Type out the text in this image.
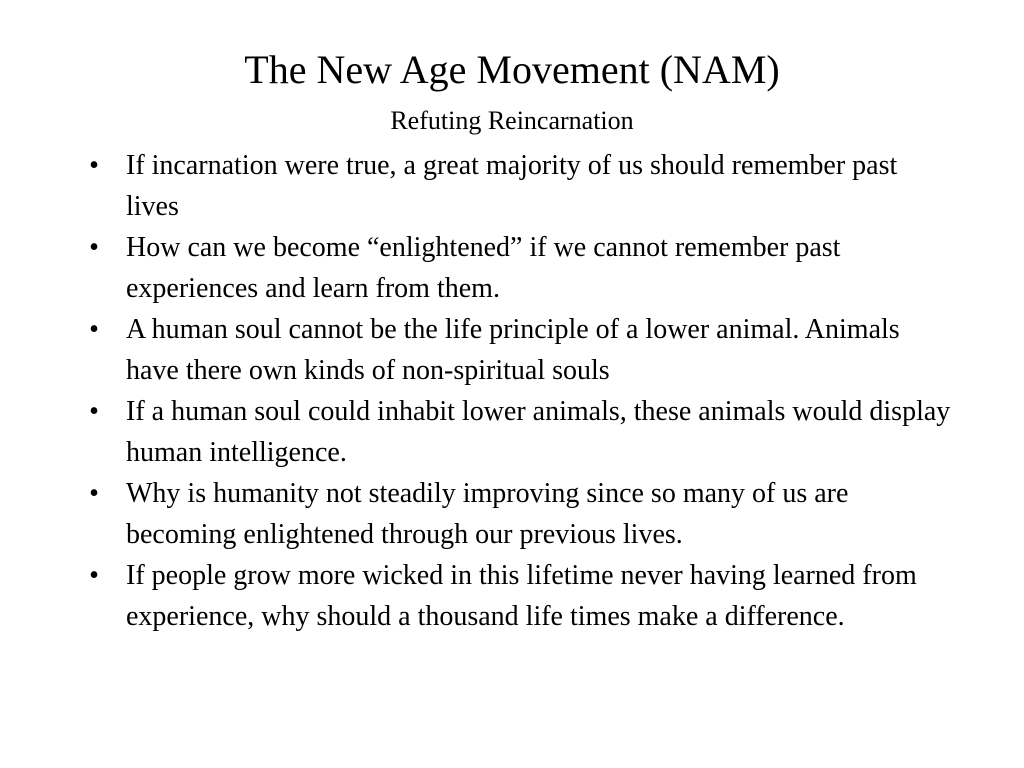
The New Age Movement (NAM)
Refuting Reincarnation
• If incarnation were true, a great majority of us should remember past lives
• How can we become “enlightened” if we cannot remember past experiences and learn from them.
• A human soul cannot be the life principle of a lower animal. Animals have there own kinds of non-spiritual souls
• If a human soul could inhabit lower animals, these animals would display human intelligence.
• Why is humanity not steadily improving since so many of us are becoming enlightened through our previous lives.
• If people grow more wicked in this lifetime never having learned from experience, why should a thousand life times make a difference.
